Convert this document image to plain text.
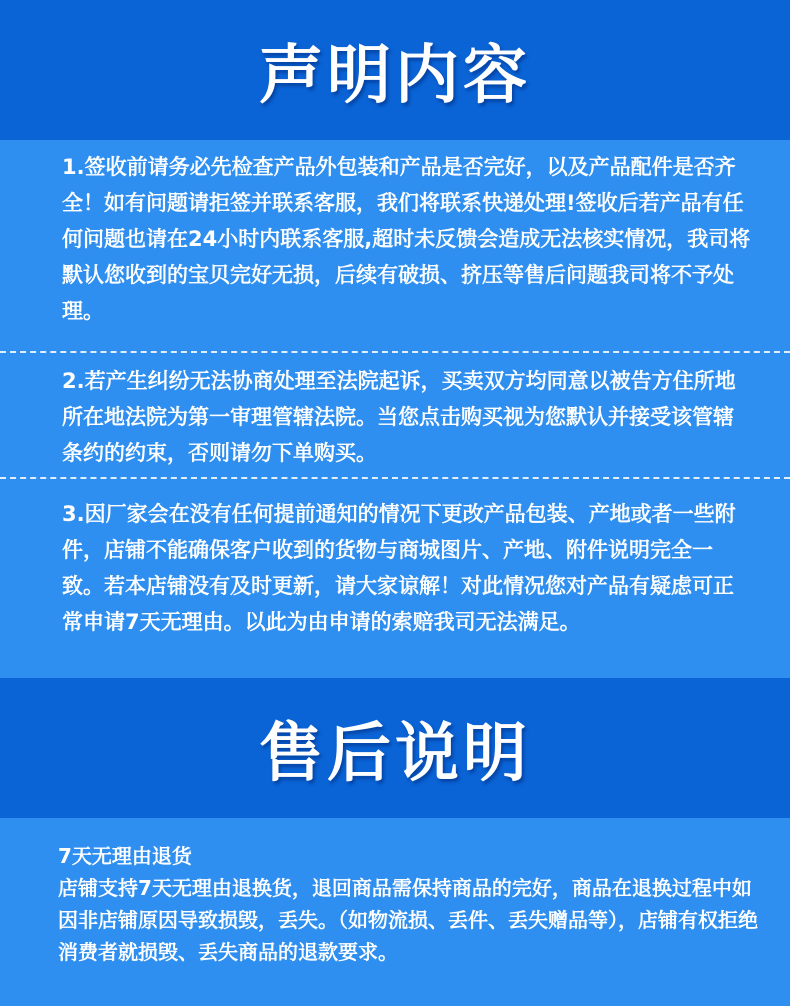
声明内容

1.签收前请务必先检查产品外包装和产品是否完好，以及产品配件是否齐全！如有问题请拒签并联系客服，我们将联系快递处理!签收后若产品有任何问题也请在24小时内联系客服,超时未反馈会造成无法核实情况，我司将默认您收到的宝贝完好无损，后续有破损、挤压等售后问题我司将不予处理。

2.若产生纠纷无法协商处理至法院起诉，买卖双方均同意以被告方住所地所在地法院为第一审理管辖法院。当您点击购买视为您默认并接受该管辖条约的约束，否则请勿下单购买。

3.因厂家会在没有任何提前通知的情况下更改产品包装、产地或者一些附件，店铺不能确保客户收到的货物与商城图片、产地、附件说明完全一致。若本店铺没有及时更新，请大家谅解！对此情况您对产品有疑虑可正常申请7天无理由。以此为由申请的索赔我司无法满足。

售后说明
7天无理由退货
店铺支持7天无理由退换货，退回商品需保持商品的完好，商品在退换过程中如因非店铺原因导致损毁，丢失。（如物流损、丢件、丢失赠品等），店铺有权拒绝消费者就损毁、丢失商品的退款要求。
